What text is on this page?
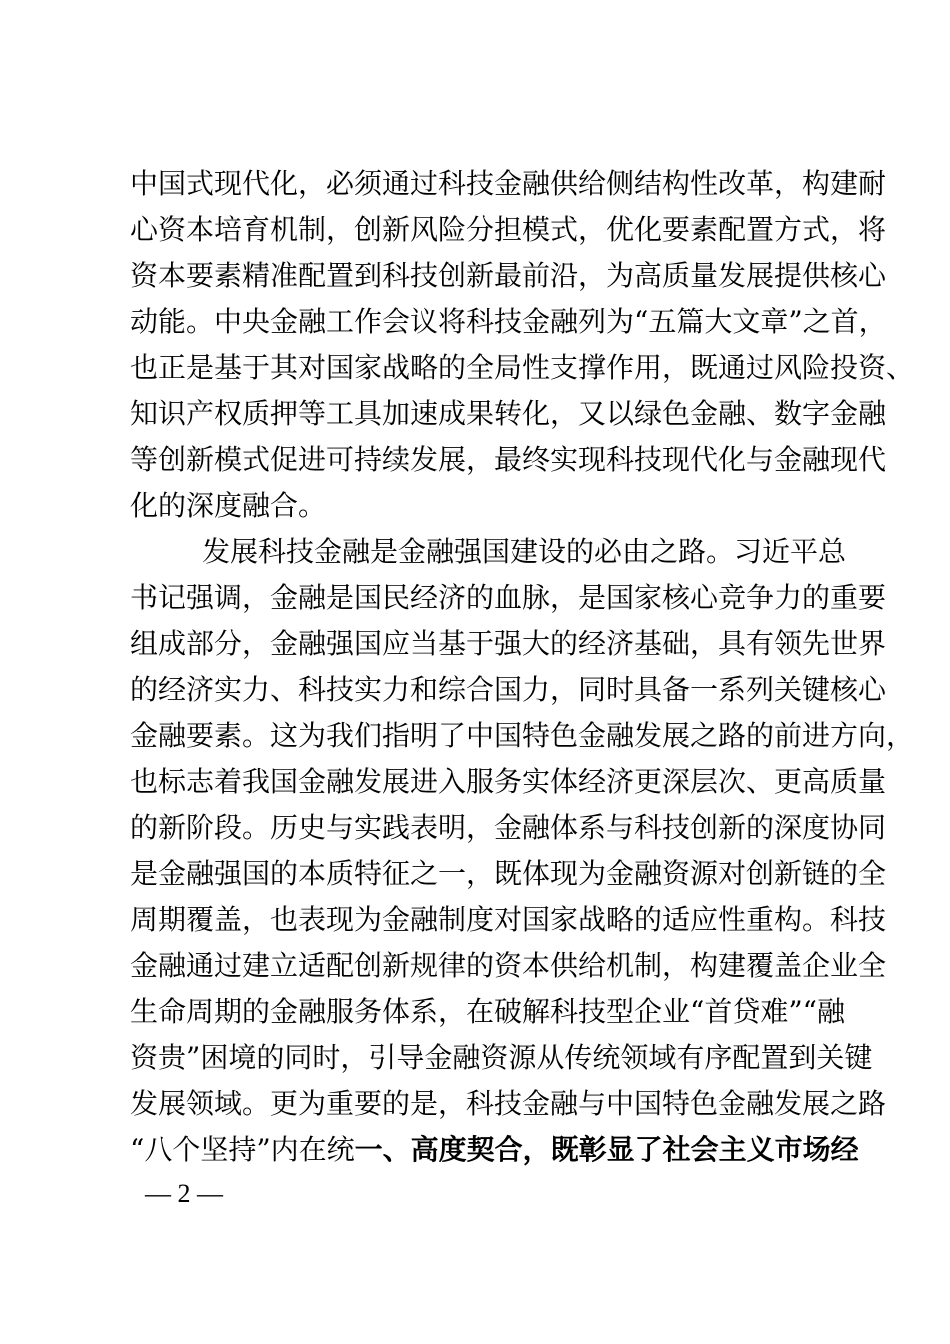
中国式现代化，必须通过科技金融供给侧结构性改革，构建耐
心资本培育机制，创新风险分担模式，优化要素配置方式，将
资本要素精准配置到科技创新最前沿，为高质量发展提供核心
动能。中央金融工作会议将科技金融列为“五篇大文章”之首，
也正是基于其对国家战略的全局性支撑作用，既通过风险投资、
知识产权质押等工具加速成果转化，又以绿色金融、数字金融
等创新模式促进可持续发展，最终实现科技现代化与金融现代
化的深度融合。
发展科技金融是金融强国建设的必由之路。习近平总
书记强调，金融是国民经济的血脉，是国家核心竞争力的重要
组成部分，金融强国应当基于强大的经济基础，具有领先世界
的经济实力、科技实力和综合国力，同时具备一系列关键核心
金融要素。这为我们指明了中国特色金融发展之路的前进方向，
也标志着我国金融发展进入服务实体经济更深层次、更高质量
的新阶段。历史与实践表明，金融体系与科技创新的深度协同
是金融强国的本质特征之一，既体现为金融资源对创新链的全
周期覆盖，也表现为金融制度对国家战略的适应性重构。科技
金融通过建立适配创新规律的资本供给机制，构建覆盖企业全
生命周期的金融服务体系，在破解科技型企业“首贷难”“融
资贵”困境的同时，引导金融资源从传统领域有序配置到关键
发展领域。更为重要的是，科技金融与中国特色金融发展之路
“八个坚持”内在统一、高度契合，既彰显了社会主义市场经
— 2 —
